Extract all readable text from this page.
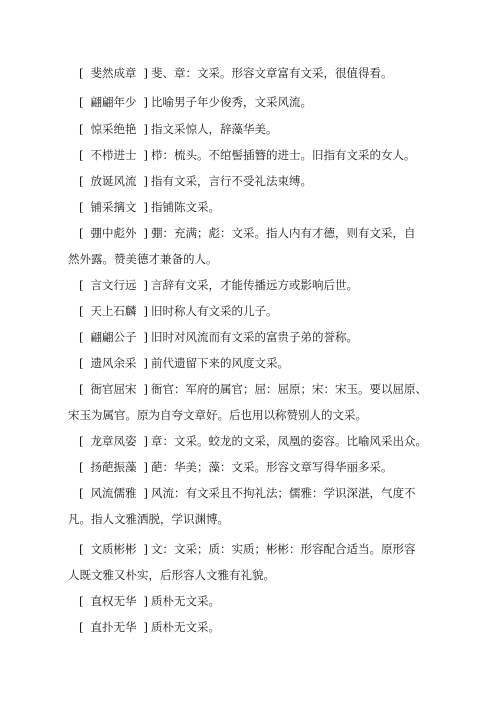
[ 斐然成章 ] 斐、章：文采。形容文章富有文采，很值得看。
[ 翩翩年少 ] 比喻男子年少俊秀，文采风流。
[ 惊采绝艳 ] 指文采惊人，辞藻华美。
[ 不栉进士 ] 栉：梳头。不绾髻插簪的进士。旧指有文采的女人。
[ 放诞风流 ] 指有文采，言行不受礼法束缚。
[ 铺采摛文 ] 指铺陈文采。
[ 弸中彪外 ] 弸：充满；彪：文采。指人内有才德，则有文采，自
然外露。赞美德才兼备的人。
[ 言文行远 ] 言辞有文采，才能传播远方或影响后世。
[ 天上石麟 ] 旧时称人有文采的儿子。
[ 翩翩公子 ] 旧时对风流而有文采的富贵子弟的誉称。
[ 遗风余采 ] 前代遗留下来的风度文采。
[ 衙官屈宋 ] 衙官：军府的属官；屈：屈原；宋：宋玉。要以屈原、
宋玉为属官。原为自夸文章好。后也用以称赞别人的文采。
[ 龙章凤姿 ] 章：文采。蛟龙的文采，凤凰的姿容。比喻风采出众。
[ 扬葩振藻 ] 葩：华美；藻：文采。形容文章写得华丽多采。
[ 风流儒雅 ] 风流：有文采且不拘礼法；儒雅：学识深湛，气度不
凡。指人文雅洒脱，学识渊博。
[ 文质彬彬 ] 文：文采；质：实质；彬彬：形容配合适当。原形容
人既文雅又朴实，后形容人文雅有礼貌。
[ 直权无华 ] 质朴无文采。
[ 直扑无华 ] 质朴无文采。
